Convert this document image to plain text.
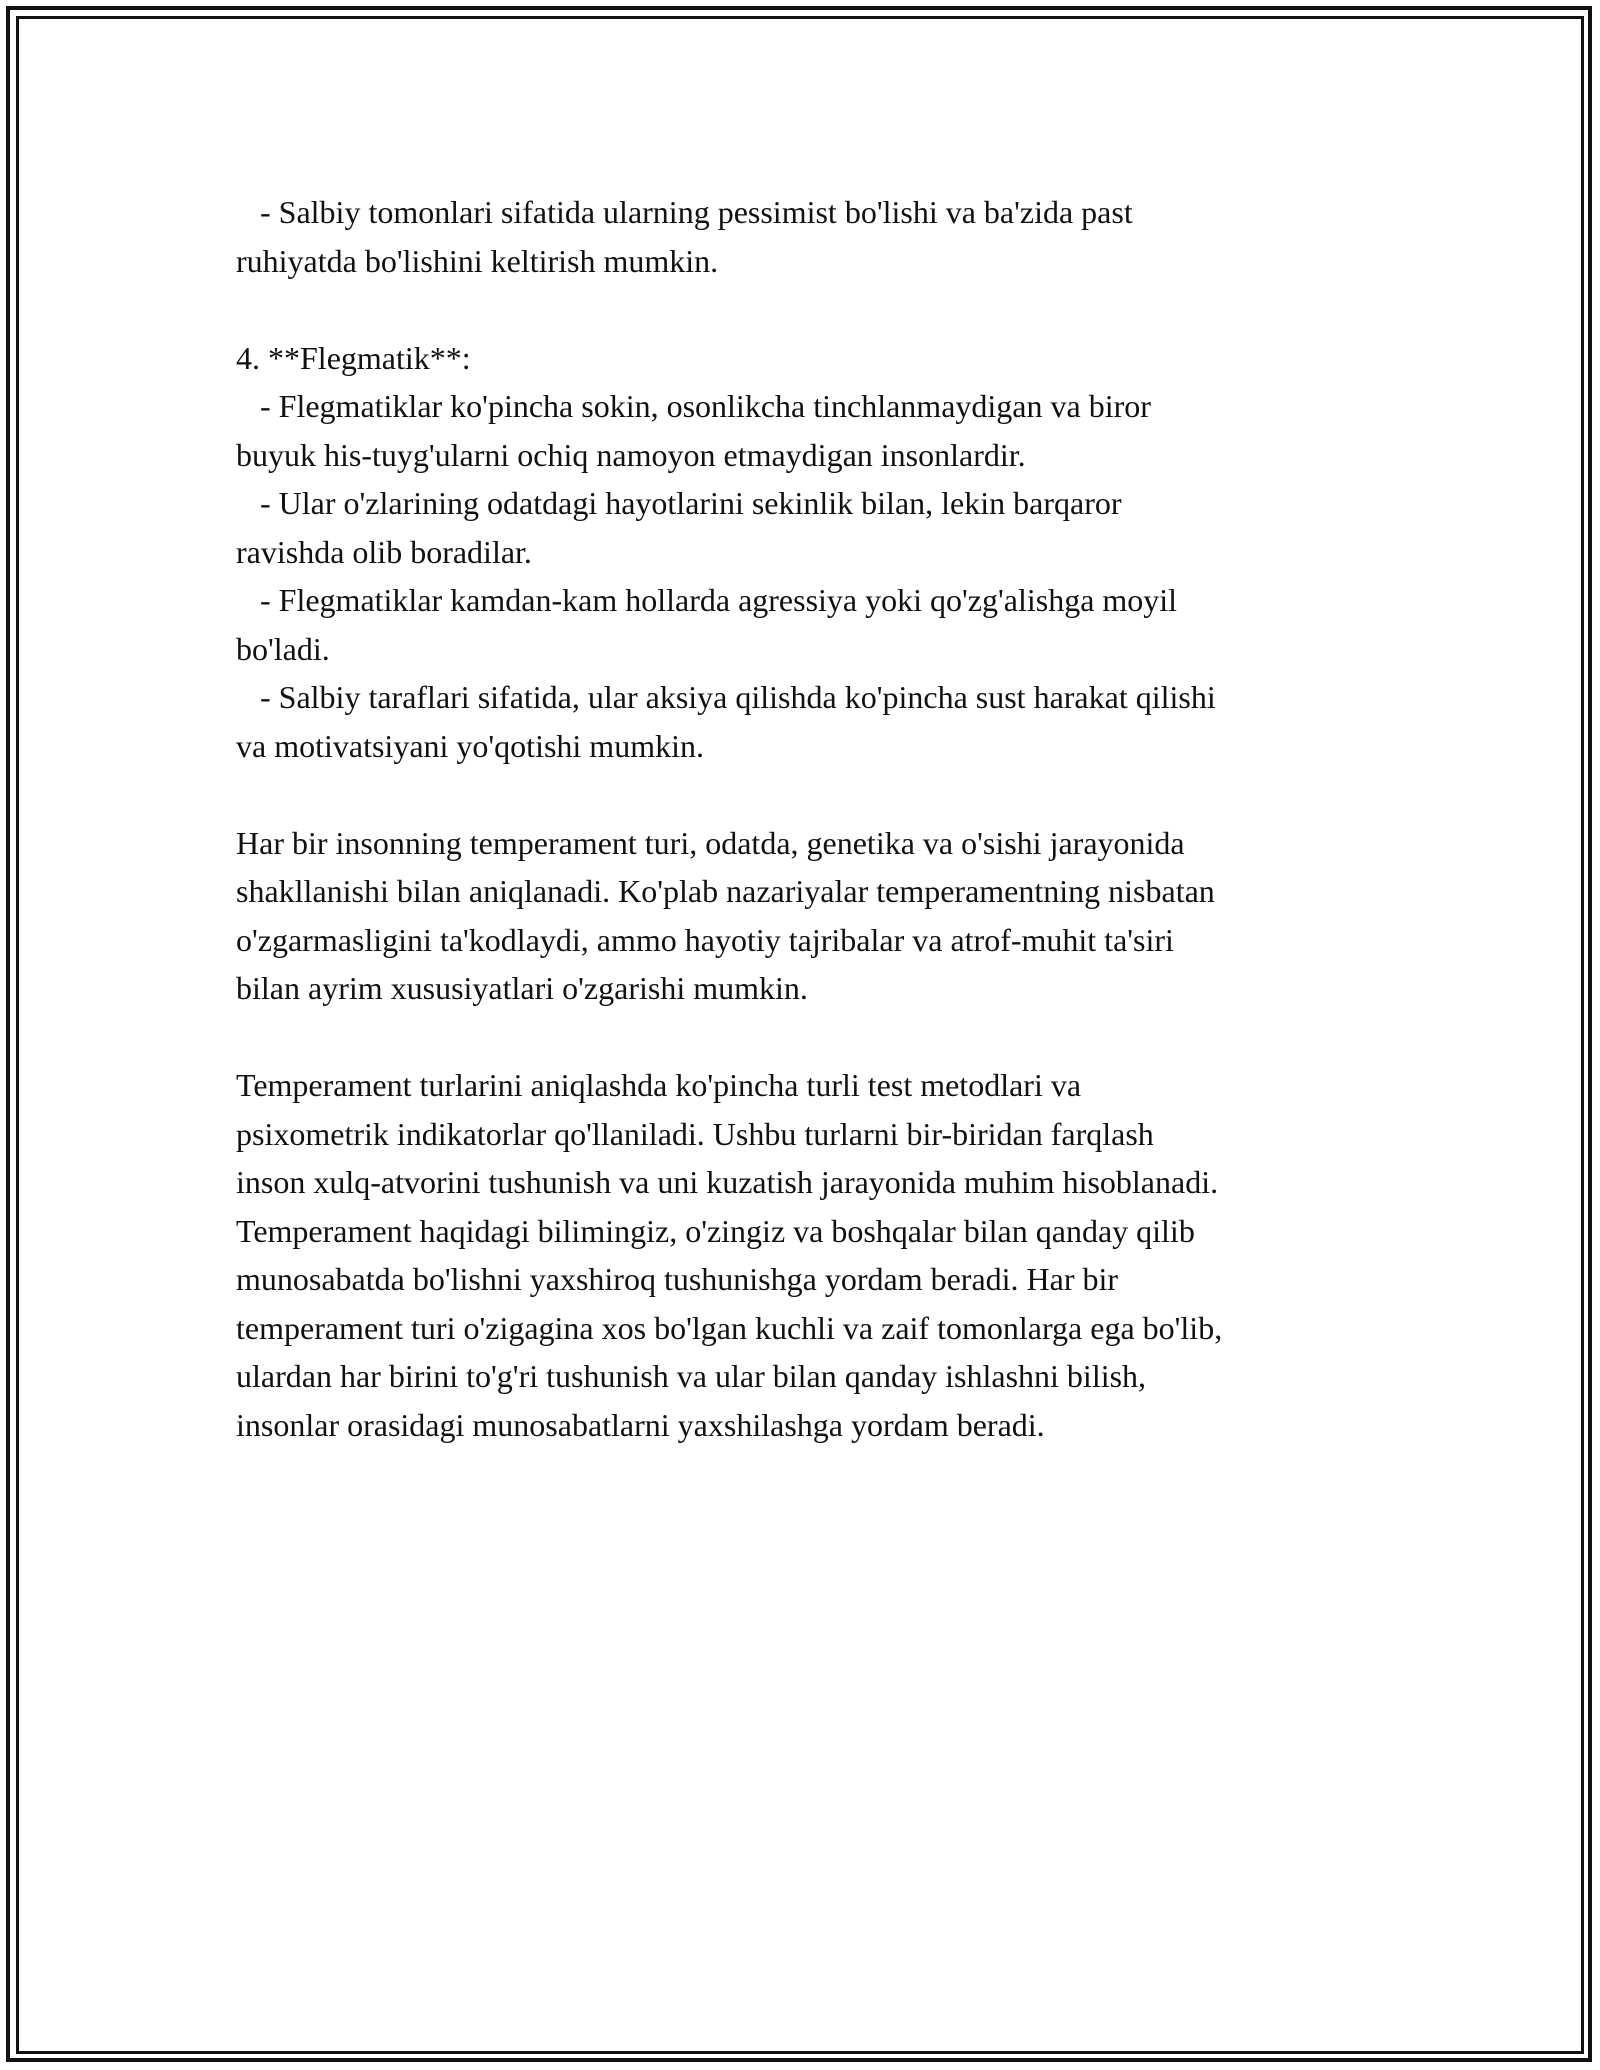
- Salbiy tomonlari sifatida ularning pessimist bo'lishi va ba'zida past

ruhiyatda bo'lishini keltirish mumkin.

4. **Flegmatik**:

- Flegmatiklar ko'pincha sokin, osonlikcha tinchlanmaydigan va biror

buyuk his-tuyg'ularni ochiq namoyon etmaydigan insonlardir.

- Ular o'zlarining odatdagi hayotlarini sekinlik bilan, lekin barqaror

ravishda olib boradilar.

- Flegmatiklar kamdan-kam hollarda agressiya yoki qo'zg'alishga moyil

bo'ladi.

- Salbiy taraflari sifatida, ular aksiya qilishda ko'pincha sust harakat qilishi

va motivatsiyani yo'qotishi mumkin.

Har bir insonning temperament turi, odatda, genetika va o'sishi jarayonida

shakllanishi bilan aniqlanadi. Ko'plab nazariyalar temperamentning nisbatan

o'zgarmasligini ta'kodlaydi, ammo hayotiy tajribalar va atrof-muhit ta'siri

bilan ayrim xususiyatlari o'zgarishi mumkin.

Temperament turlarini aniqlashda ko'pincha turli test metodlari va

psixometrik indikatorlar qo'llaniladi. Ushbu turlarni bir-biridan farqlash

inson xulq-atvorini tushunish va uni kuzatish jarayonida muhim hisoblanadi.

Temperament haqidagi bilimingiz, o'zingiz va boshqalar bilan qanday qilib

munosabatda bo'lishni yaxshiroq tushunishga yordam beradi. Har bir

temperament turi o'zigagina xos bo'lgan kuchli va zaif tomonlarga ega bo'lib,

ulardan har birini to'g'ri tushunish va ular bilan qanday ishlashni bilish,

insonlar orasidagi munosabatlarni yaxshilashga yordam beradi.
